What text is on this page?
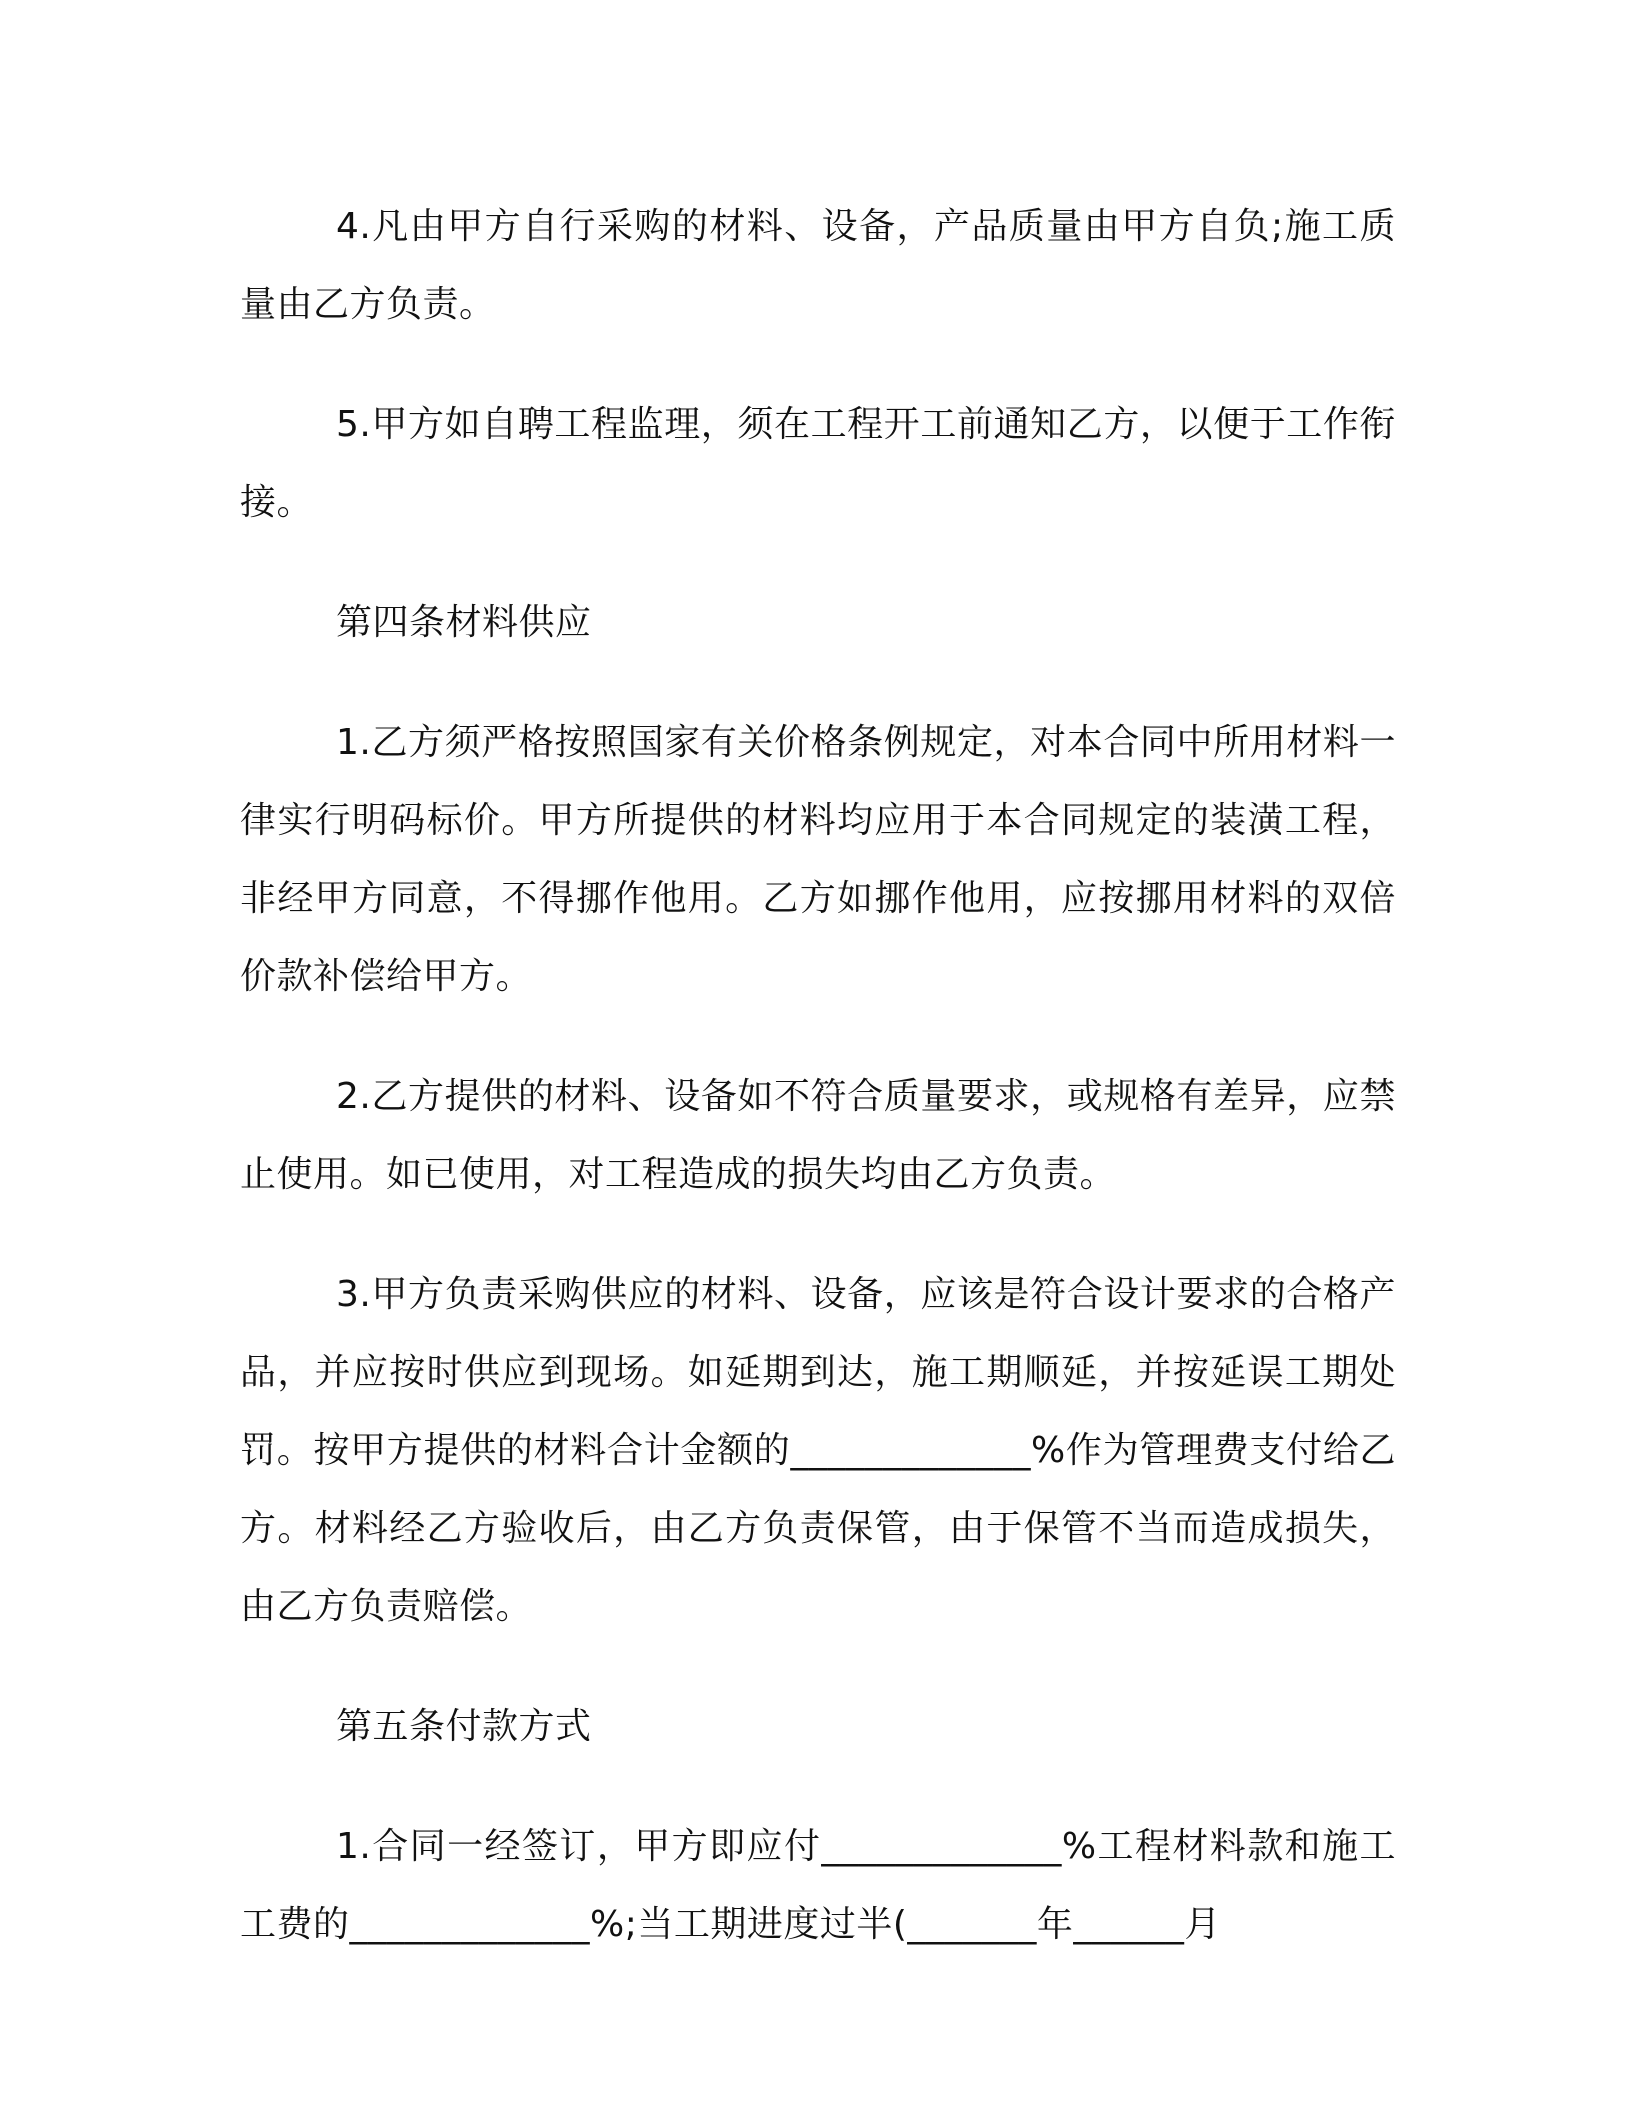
4.凡由甲方自行采购的材料、设备，产品质量由甲方自负;施工质量由乙方负责。

5.甲方如自聘工程监理，须在工程开工前通知乙方，以便于工作衔接。

第四条材料供应

1.乙方须严格按照国家有关价格条例规定，对本合同中所用材料一律实行明码标价。甲方所提供的材料均应用于本合同规定的装潢工程，非经甲方同意，不得挪作他用。乙方如挪作他用，应按挪用材料的双倍价款补偿给甲方。

2.乙方提供的材料、设备如不符合质量要求，或规格有差异，应禁止使用。如已使用，对工程造成的损失均由乙方负责。

3.甲方负责采购供应的材料、设备，应该是符合设计要求的合格产品，并应按时供应到现场。如延期到达，施工期顺延，并按延误工期处罚。按甲方提供的材料合计金额的_____________%作为管理费支付给乙方。材料经乙方验收后，由乙方负责保管，由于保管不当而造成损失，由乙方负责赔偿。

第五条付款方式

1.合同一经签订，甲方即应付_____________%工程材料款和施工工费的_____________%;当工期进度过半(_______年______月
